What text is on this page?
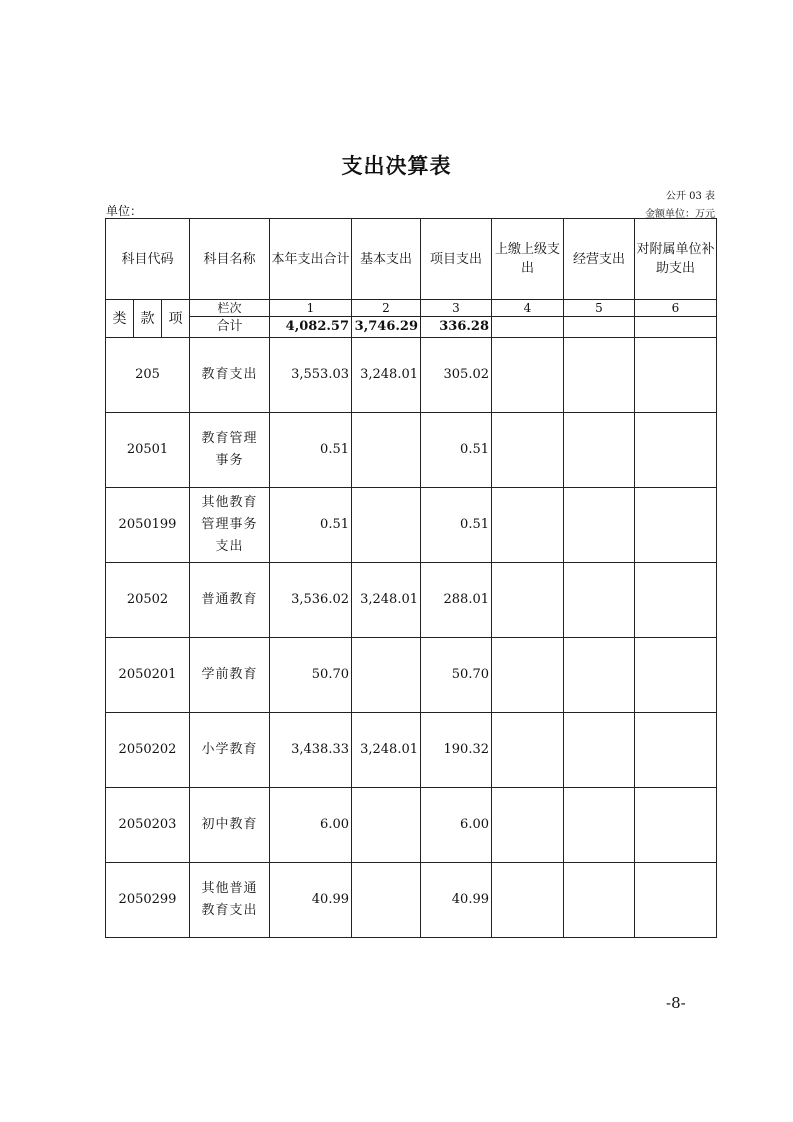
支出决算表
公开 03 表
单位：	金额单位：万元
科目代码			科目名称	本年支出合计	基本支出	项目支出	上缴上级支出	经营支出	对附属单位补助支出
类	款	项	栏次	1	2	3	4	5	6
			合计	4,082.57	3,746.29	336.28			
205			教育支出	3,553.03	3,248.01	305.02			
20501			教育管理事务	0.51		0.51			
2050199			其他教育管理事务支出	0.51		0.51			
20502			普通教育	3,536.02	3,248.01	288.01			
2050201			学前教育	50.70		50.70			
2050202			小学教育	3,438.33	3,248.01	190.32			
2050203			初中教育	6.00		6.00			
2050299			其他普通教育支出	40.99		40.99			
-8-
